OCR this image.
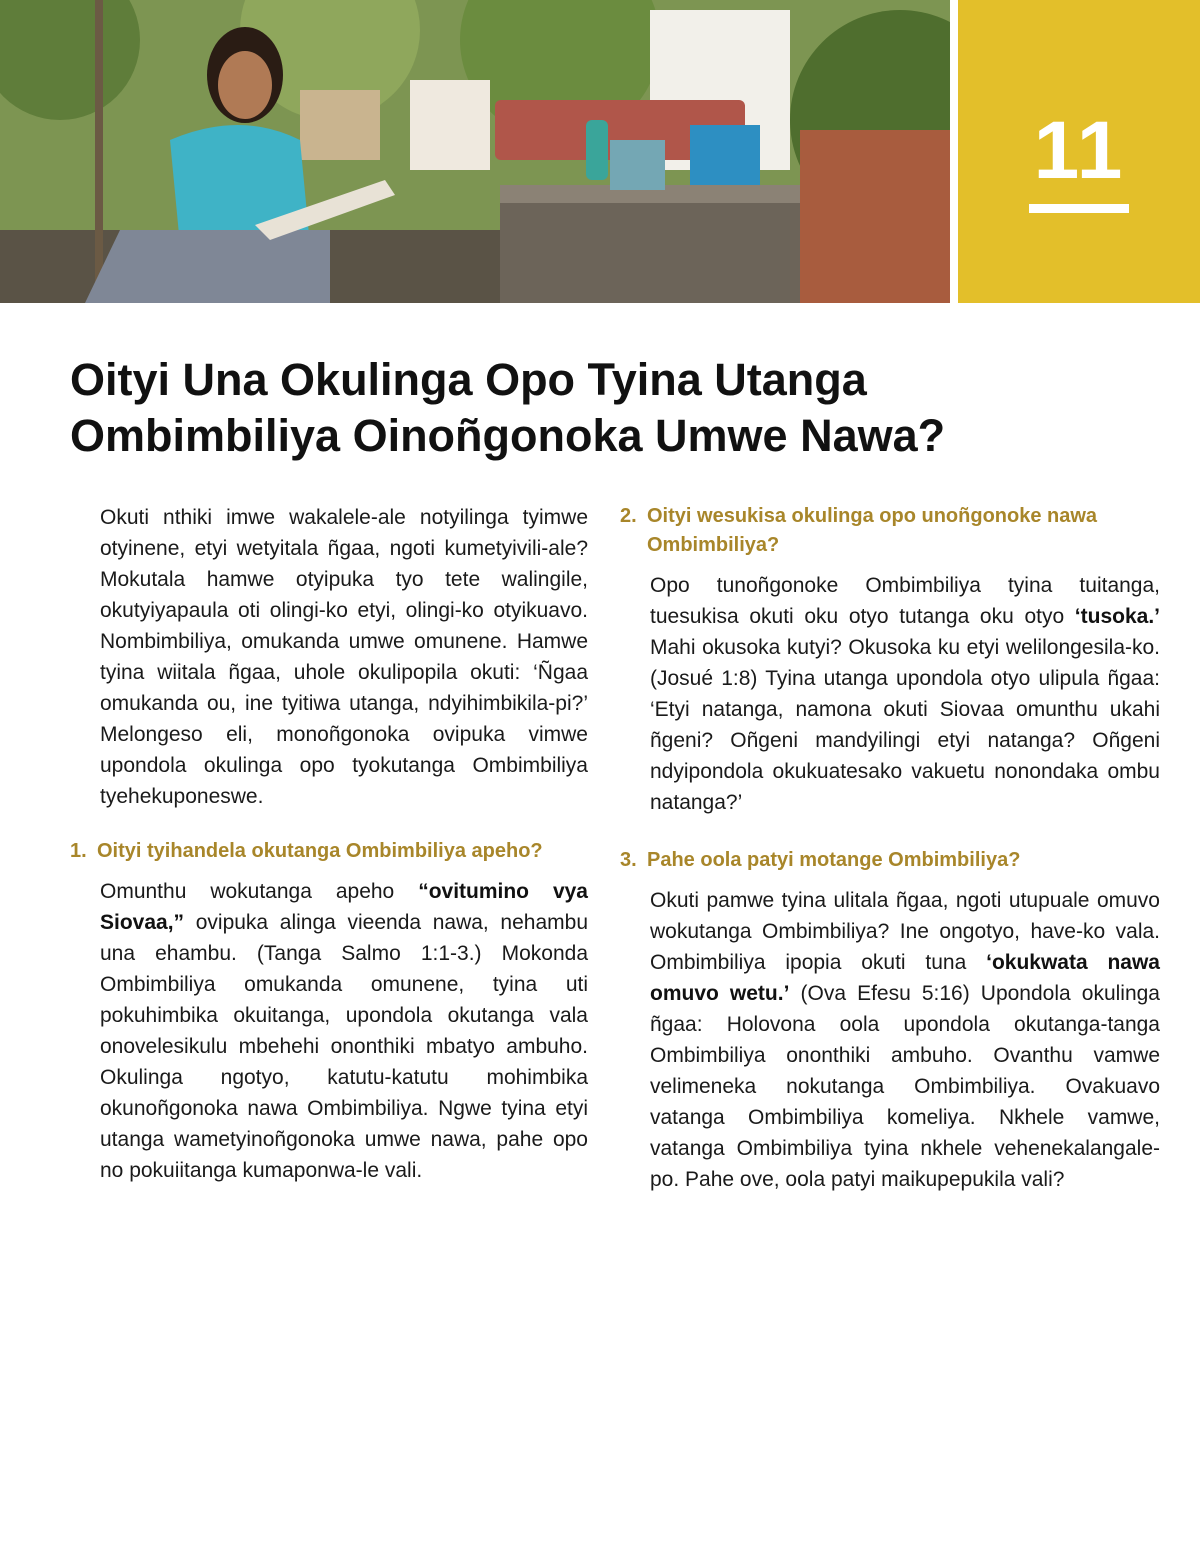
11
Oityi Una Okulinga Opo Tyina Utanga
Ombimbiliya Oinoñgonoka Umwe Nawa?

Okuti nthiki imwe wakalele-ale notyilinga tyimwe otyinene, etyi wetyitala ñgaa, ngoti kumetyivili-ale? Mokutala hamwe otyipuka tyo tete walingile, okutyiyapaula oti olingi-ko etyi, olingi-ko otyikuavo. Nombimbiliya, omukanda umwe omunene. Hamwe tyina wiitala ñgaa, uhole okulipopila okuti: ‘Ñgaa omukanda ou, ine tyitiwa utanga, ndyihimbikila-pi?’ Melongeso eli, monoñgonoka ovipuka vimwe upondola okulinga opo tyokutanga Ombimbiliya tyehekuponeswe.

1. Oityi tyihandela okutanga Ombimbiliya apeho?

Omunthu wokutanga apeho “ovitumino vya Siovaa,” ovipuka alinga vieenda nawa, nehambu una ehambu. (Tanga Salmo 1:1-3.) Mokonda Ombimbiliya omukanda omunene, tyina uti pokuhimbika okuitanga, upondola okutanga vala onovelesikulu mbehehi ononthiki mbatyo ambuho. Okulinga ngotyo, katutu-katutu mohimbika okunoñgonoka nawa Ombimbiliya. Ngwe tyina etyi utanga wametyinoñgonoka umwe nawa, pahe opo no pokuiitanga kumaponwa-le vali.

2. Oityi wesukisa okulinga opo unoñgonoke nawa Ombimbiliya?

Opo tunoñgonoke Ombimbiliya tyina tuitanga, tuesukisa okuti oku otyo tutanga oku otyo ‘tusoka.’ Mahi okusoka kutyi? Okusoka ku etyi welilongesila-ko. (Josué 1:8) Tyina utanga upondola otyo ulipula ñgaa: ‘Etyi natanga, namona okuti Siovaa omunthu ukahi ñgeni? Oñgeni mandyilingi etyi natanga? Oñgeni ndyipondola okukuatesako vakuetu nonondaka ombu natanga?’

3. Pahe oola patyi motange Ombimbiliya?

Okuti pamwe tyina ulitala ñgaa, ngoti utupuale omuvo wokutanga Ombimbiliya? Ine ongotyo, have-ko vala. Ombimbiliya ipopia okuti tuna ‘okukwata nawa omuvo wetu.’ (Ova Efesu 5:16) Upondola okulinga ñgaa: Holovona oola upondola okutanga-tanga Ombimbiliya ononthiki ambuho. Ovanthu vamwe velimeneka nokutanga Ombimbiliya. Ovakuavo vatanga Ombimbiliya komeliya. Nkhele vamwe, vatanga Ombimbiliya tyina nkhele vehenekalangale-po. Pahe ove, oola patyi maikupepukila vali?
